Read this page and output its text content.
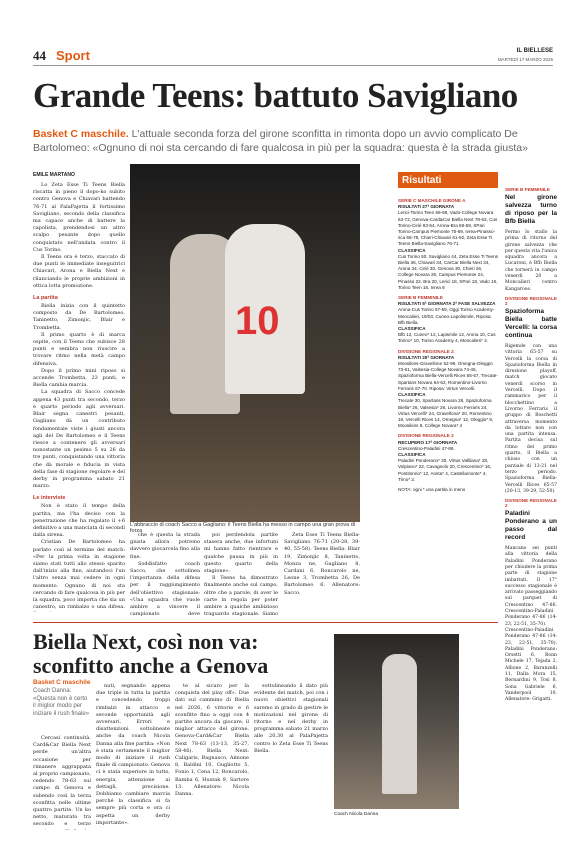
44 Sport	IL BIELLESE
MARTEDÌ 17 MARZO 2026
Grande Teens: battuto Savigliano
Basket C maschile. L'attuale seconda forza del girone sconfitta in rimonta dopo un avvio complicato De Bartolomeo: «Ognuno di noi sta cercando di fare qualcosa in più per la squadra: questa è la strada giusta»
EMILE MARTANO

Lo Zeta Esse Ti Teens Biella riscatta in pieno il dopo-ko subito contro Genova e Chiavari battendo 76-71 al PalaPajetta il fortissimo Savigliano, secondo della classifica ma capace anche di battere la capolista, prendendosi un altro scalpo pesante dopo quello conquistato nell'andata contro il Cus Torino.

Il Teens ora è terzo, staccato di due punti le immediate inseguitrici Chiavari, Arona e Biella Next e rilanciando le proprie ambizioni in ottica lotta promozione.

La partita

Biella inizia con il quintetto composto da De Bartolomeo, Taninetto, Zimonjic, Blair e Trombetta.

Il primo quarto è di marca ospite, con il Teens che subisce 28 punti e sembra non riuscire a trovare ritmo nella metà campo difensiva.

Dopo il primo mini riposo si accende Trombetta, 23 punti, e Biella cambia marcia.

La squadra di Sacco concede appena 43 punti tra secondo, terzo e quarto periodo agli avversari. Blair segna canestri pesanti, Gagliano dà un contributo fondamentale viste i giusti ancora agli del De Bartolomeo e il Teens riesce a contenere gli avversari nonostante un pesimo 5 su 26 da tre punti, conquistando una vittoria che dà morale e fiducia in vista della fase di stagione regolare e del derby in programma sabato 21 marzo.

Le interviste

Non è stato il tempo della partita, ma l'ha deciso con la penetrazione che ha regalato il +6 definitivo a una manciata di secondi dalla sirena.

Cristian De Bartolomeo ha parlato così al termine del match: «Per la prima volta in stagione siamo stati tutti allo stesso sparito dall'inizio alla fine, aiutandoci l'un l'altro senza mai cedere in ogni momento. Ognuno di noi sta cercando di fare qualcosa in più per la squadra, poco importa che sia un canestro, un rimbalzo o una difesa.

10
L'abbraccio di coach Sacco a Gagliano: il Teens Biella ha messo in campo una gran prova di forza

che è questa la strada giusta allora potremo davvero giocarcela fino alla fine.

Soddisfatto coach Sacco, che sottolinea l'importanza della difesa per il raggiungimento dell'obiettivo stagionale: «Una squadra che vuole ambire a vincere il campionato deve

poi perdendola partite stasera anche, due infortuni mi hanno fatto rientrare e qualche pausa in più in questo quarto della stagione».

Il Teens ha dimostrato finalmente anche sul campo, oltre che a parole, di aver le carte in regola per poter ambire a qualche ambizioso traguardo stagionale. Siamo

Zeta Esse Ti Teens Biella-Savigliano 76-71 (20-28, 39-40, 55-58). Teens Biella: Blair 19, Zimonjic 8, Taninetto, Monza ne, Gagliano 8, Cardani 6, Roncarolo ne, Leone 3, Trombetta 26, De Bartolomeo 6. Allenatore: Sacco.

Risultati
SERIE C MASCHILE GIRONE A
RISULTATI 27ª GIORNATA
Lerici-Torino Teen 69-68, Vado-College Novara 63-72, Genova-Card&Car Biella Next 78-63, Cus Torino-Cirié 83-54, Arona-Bra 88-59, SPari Torino-Campus Piemonte 75-69, Ivrea-Pinasso-sca 66-78, Chieri-Chiavari 61-92, Zeta Esse Ti Teens Biella-Savigliano 76-71
CLASSIFICA
Cus Torino 50, Savigliano 44, Zeta Esse Ti Teens Biella 36, Chiavari 34, CarCar Biella Next 34, Arona 34, Cirié 30, Genova 30, Chieri 26, College Novara 26, Campus Piemonte 24, Pinasso 22, Bra 20, Lerici 18, SPari 18, Vado 16, Torino Teen 16, Ivrea 8
SERIE B FEMMINILE
RISULTATI 5ª GIORNATA 2ª FASE SALVEZZA
Arona-Cus Torino 57-59, Oggi Torino Academy-Moncalieri, 19/03, Cuneo-Lapolismile, Riposa: Bfb Biella.
CLASSIFICA
Bfb 12, Cuneo* 12, Lapismile 12, Arona 10, Cus Torino* 10, Torino Academy 4, Moncalieri* 2.
DIVISIONE REGIONALE 2
RISULTATI 20ª GIORNATA
Moosikins-Gravellone 52-99, Omegna-Oleggio 73-61, Valsesia-College Novara 74-45, Spazioforma Biella-Vercelli Rices 65-57, Trecate-Spartans Novara 64-62, Romentino-Livorno Ferraris 67-70. Riposa: Virtus Vercelli.
CLASSIFICA
Trecate 30, Spartans Novara 28, Spazioforma Biella* 26, Valsesia* 26, Livorno Ferraris 24, Virtus Vercelli* 24, Gravellona* 20, Romentino 18, Vercelli Rices 14, Omegna* 12, Oleggio* 8, Moosikins 8, College Novara* 4
DIVISIONE REGIONALE 2
RECUPERO 17ª GIORNATA
Crescentino-Paladini 47-86.
CLASSIFICA
Paladini Ponderano* 30, Virtus Vallilana* 28, Volpiano* 22, Cavagnolo 20, Crescentino* 16, Pontitonno* 12, Aosta* 4, Castellamonte* 4, Trino* 2.
NOTA: ogni * una partita in meno
SERIE B FEMMINILE
Nel girone salvezza turno di riposo per la Bfb Biella

Fermo lo stallo la prima di ritorno del girone salvezza che per questa vita l'unica squadra ancora a Lucaroni, è Bfb Biella che tornerà in campo venerdì 20 a Moncalieri contro Kangaroos.

DIVISIONE REGIONALE 2
Spazioforma Biella batte Vercelli: la corsa continua

Rigemde con una vittoria 65-57 su Vercelli la corsa di Spazioforma Biella in direzione playoff, match giocato venerdì scorso in Vercelli. Dopo il rammarico per il blocchettino a Livorno Ferraris il gruppo di Boschetti attraversa momento da lottare non con una partita intensa. Partita decisa sul ritmo del primo quarto, il Biella a chiuso con un parziale di 13-21 nel terzo periodo. Spazioforma Biella-Vercelli Rices 65-57 (20-13, 39-29, 52-50).

DIVISIONE REGIONALE 2
Paladini Ponderano a un passo dal record

Mancano sei punti alla vittoria della Paladini Ponderano per chiudere la prima parte di stagione imbattuti. Il 17° successo stagionale è arrivato passeggiando sul parquet di Crescentino 47-86. Crescentino-Paladini Ponderano 47-86 (14-23, 22-51, 35-70).

Crescentino-Paladini Ponderano 47-86 (14-23, 22-51, 35-70). Paladini Ponderano: Orsetti 6, Bonn Michele 17, Tejada 2, Allione 2, Baranzelli 11, Dalla Mora 15, Bernardini 9, Tosi 8, Sona Gabriele 6, Vanderpool 10. Allenatore: Grigatti.

Biella Next, così non va: sconfitto anche a Genova
Basket C maschile
Coach Danna: «Questa non è certo il miglior modo per iniziare il rush finale»

Cercasi continuità. Card&Car Biella Next perde un'altra occasione per rimanere aggrappata al proprio campionato, cedendo 78-63 sul campo di Genova e subendo così la terza sconfitta nelle ultime quattro partite. Un ko netto, maturato tra secondo e terzo

nuti, segnando appena due triple in tutta la partita e concedendo troppi rimbalzi in attacco e seconde opportunità agli avversari. Errori e disattenzioni sottolineate anche da coach Nicola Danna alla fine partita: «Non è stata certamente il miglior modo di iniziare il rush finale di campionato. Genova ci è stata superiore in tutto, energia, attenzione ai dettagli, precisione. Dobbiamo cambiare marcia perché la classifica si fa sempre più corta e ora ci aspetta un derby importante».

te al sicuro per la conquista del play off». Due dati sul cammino di Biella nel 2026, 6 vittorie e 6 sconfitte fino a oggi con 4 partite ancora da giocare, il miglior attacco del girone. Genova-Card&Car Biella Next 78-63 (13-13, 35-27, 58-46). Biella Next: Caligaris, Bagnasco, Aimone 8, Baldini 10, Gugliotto 5, Fonio 1, Cena 12, Roncarolo, Bamba 6, Hustak 9, Sartore 13. Allenatore: Nicola Danna.

sottolineando il dato più evidente del match, poi con i nuovi obiettivi stagionali saremo in grado di gestire le motivazioni nel girone di ritorno e nel derby in programma sabato 21 marzo alle 20.30 al PalaPajetta contro lo Zeta Esse Ti Teens Biella.

Coach Nicola Danna
